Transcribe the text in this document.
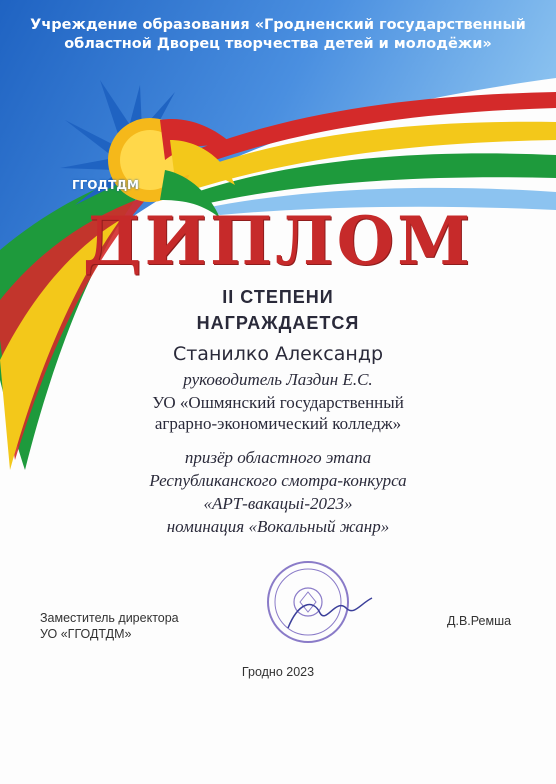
ГГОДТДМ
Учреждение образования «Гродненский государственный
областной Дворец творчества детей и молодёжи»
ДИПЛОМ
II СТЕПЕНИ
НАГРАЖДАЕТСЯ
Станилко Александр
руководитель Лаздин Е.С.
УО «Ошмянский государственный
аграрно-экономический колледж»
призёр областного этапа
Республиканского смотра-конкурса
«АРТ-вакацыі-2023»
номинация «Вокальный жанр»
Заместитель директора
УО «ГГОДТДМ»
Д.В.Ремша
Гродно 2023
